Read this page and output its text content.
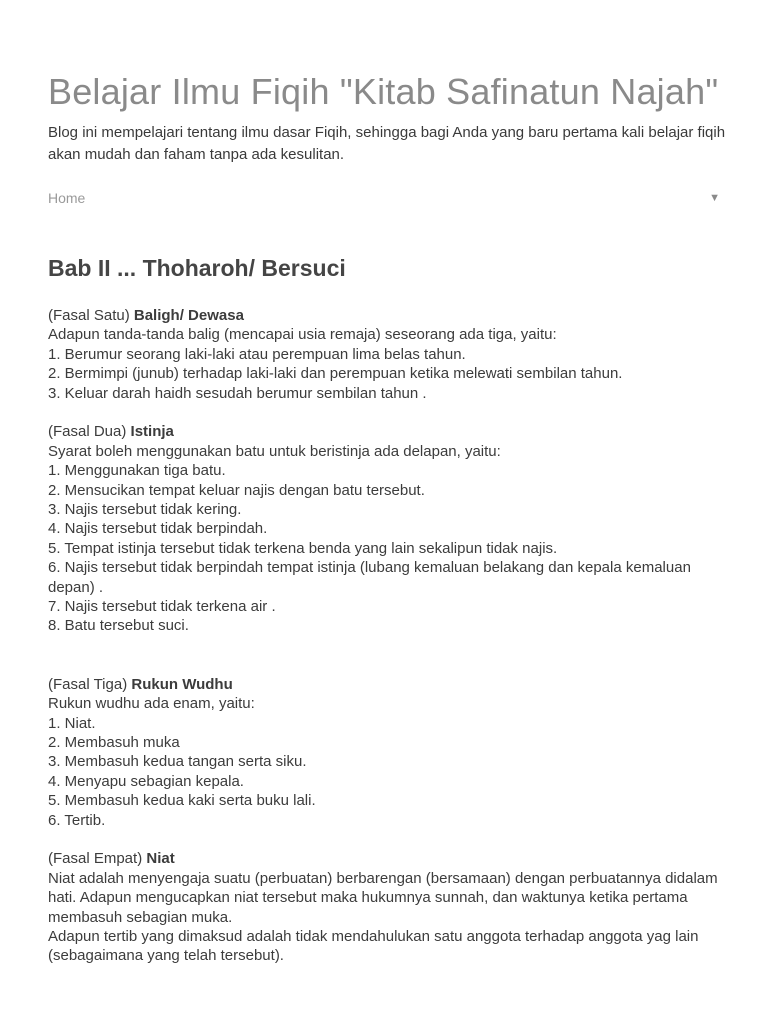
Belajar Ilmu Fiqih "Kitab Safinatun Najah"
Blog ini mempelajari tentang ilmu dasar Fiqih, sehingga bagi Anda yang baru pertama kali belajar fiqih akan mudah dan faham tanpa ada kesulitan.
Home	▼
Bab II ... Thoharoh/ Bersuci
(Fasal Satu) Baligh/ Dewasa
Adapun tanda-tanda balig (mencapai usia remaja) seseorang ada tiga, yaitu:
1. Berumur seorang laki-laki atau perempuan lima belas tahun.
2. Bermimpi (junub) terhadap laki-laki dan perempuan ketika melewati sembilan tahun.
3. Keluar darah haidh sesudah berumur sembilan tahun .
(Fasal Dua) Istinja
Syarat boleh menggunakan batu untuk beristinja ada delapan, yaitu:
1. Menggunakan tiga batu.
2. Mensucikan tempat keluar najis dengan batu tersebut.
3. Najis tersebut tidak kering.
4. Najis tersebut tidak berpindah.
5. Tempat istinja tersebut tidak terkena benda yang lain sekalipun tidak najis.
6. Najis tersebut tidak berpindah tempat istinja (lubang kemaluan belakang dan kepala kemaluan depan) .
7. Najis tersebut tidak terkena air .
8. Batu tersebut suci.
(Fasal Tiga) Rukun Wudhu
Rukun wudhu ada enam, yaitu:
1. Niat.
2. Membasuh muka
3. Membasuh kedua tangan serta siku.
4. Menyapu sebagian kepala.
5. Membasuh kedua kaki serta buku lali.
6. Tertib.
(Fasal Empat) Niat
Niat adalah menyengaja suatu (perbuatan) berbarengan (bersamaan) dengan perbuatannya didalam hati. Adapun mengucapkan niat tersebut maka hukumnya sunnah, dan waktunya ketika pertama membasuh sebagian muka.
Adapun tertib yang dimaksud adalah tidak mendahulukan satu anggota terhadap anggota yag lain (sebagaimana yang telah tersebut).
